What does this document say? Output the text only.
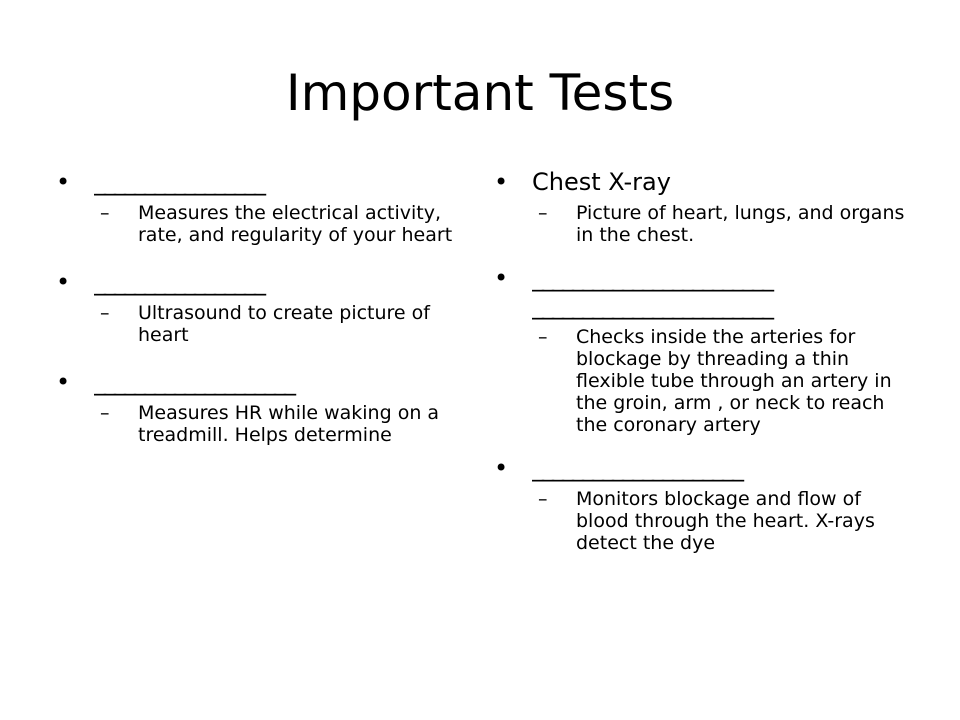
Important Tests
• _________________
– Measures the electrical activity, rate, and regularity of your heart
• _________________
– Ultrasound to create picture of heart
• ____________________
– Measures HR while waking on a treadmill. Helps determine
• Chest X-ray
– Picture of heart, lungs, and organs in the chest.
• ________________________
________________________
– Checks inside the arteries for blockage by threading a thin flexible tube through an artery in the groin, arm , or neck to reach the coronary artery
• _____________________
– Monitors blockage and flow of blood through the heart. X-rays detect the dye
